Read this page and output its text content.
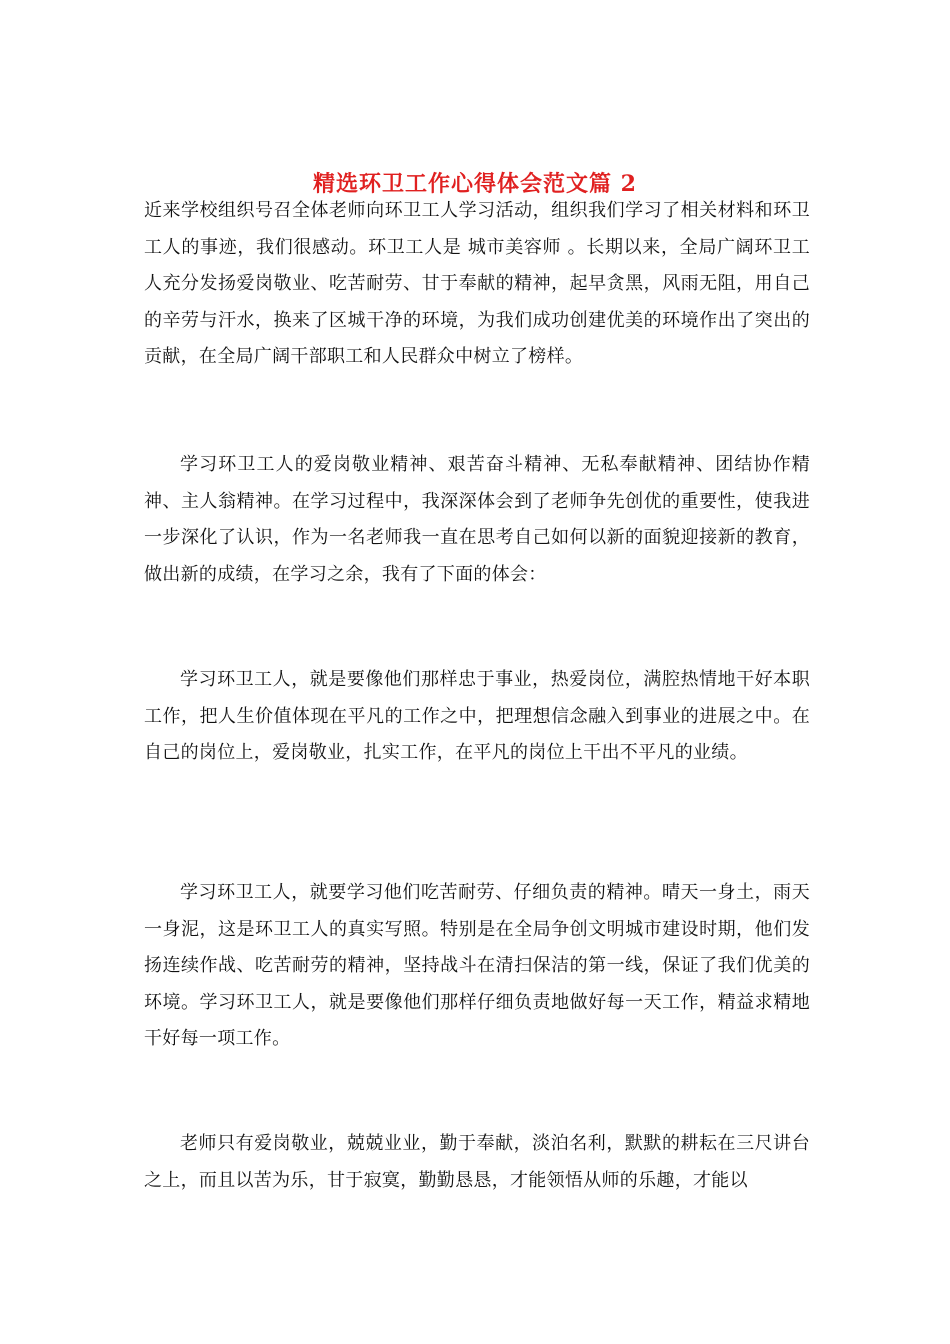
精选环卫工作心得体会范文篇 2

近来学校组织号召全体老师向环卫工人学习活动，组织我们学习了相关材料和环卫工人的事迹，我们很感动。环卫工人是 城市美容师 。长期以来，全局广阔环卫工人充分发扬爱岗敬业、吃苦耐劳、甘于奉献的精神，起早贪黑，风雨无阻，用自己的辛劳与汗水，换来了区城干净的环境，为我们成功创建优美的环境作出了突出的贡献，在全局广阔干部职工和人民群众中树立了榜样。

学习环卫工人的爱岗敬业精神、艰苦奋斗精神、无私奉献精神、团结协作精神、主人翁精神。在学习过程中，我深深体会到了老师争先创优的重要性，使我进一步深化了认识，作为一名老师我一直在思考自己如何以新的面貌迎接新的教育，做出新的成绩，在学习之余，我有了下面的体会：

学习环卫工人，就是要像他们那样忠于事业，热爱岗位，满腔热情地干好本职工作，把人生价值体现在平凡的工作之中，把理想信念融入到事业的进展之中。在自己的岗位上，爱岗敬业，扎实工作，在平凡的岗位上干出不平凡的业绩。

学习环卫工人，就要学习他们吃苦耐劳、仔细负责的精神。晴天一身土，雨天一身泥，这是环卫工人的真实写照。特别是在全局争创文明城市建设时期，他们发扬连续作战、吃苦耐劳的精神，坚持战斗在清扫保洁的第一线，保证了我们优美的环境。学习环卫工人，就是要像他们那样仔细负责地做好每一天工作，精益求精地干好每一项工作。

老师只有爱岗敬业，兢兢业业，勤于奉献，淡泊名利，默默的耕耘在三尺讲台之上，而且以苦为乐，甘于寂寞，勤勤恳恳，才能领悟从师的乐趣，才能以
